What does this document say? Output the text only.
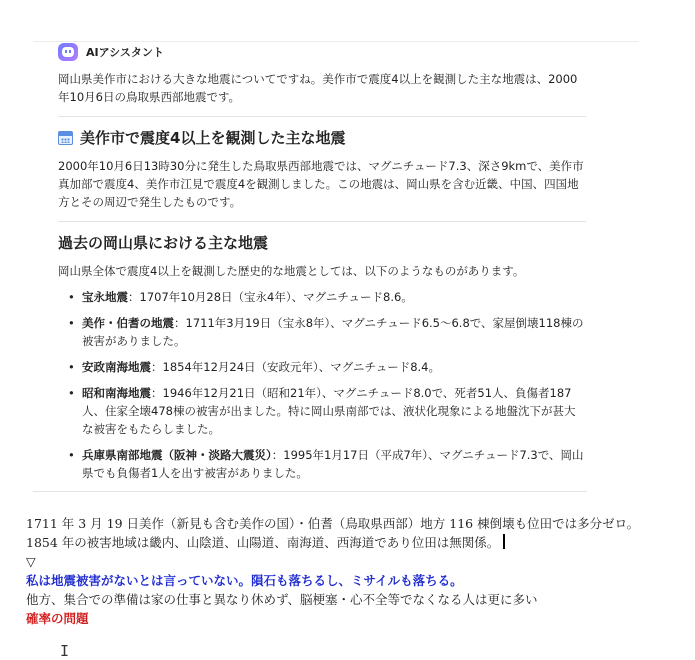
AIアシスタント

岡山県美作市における大きな地震についてですね。美作市で震度4以上を観測した主な地震は、2000年10月6日の鳥取県西部地震です。

美作市で震度4以上を観測した主な地震

2000年10月6日13時30分に発生した鳥取県西部地震では、マグニチュード7.3、深さ9kmで、美作市真加部で震度4、美作市江見で震度4を観測しました。この地震は、岡山県を含む近畿、中国、四国地方とその周辺で発生したものです。

過去の岡山県における主な地震

岡山県全体で震度4以上を観測した歴史的な地震としては、以下のようなものがあります。

• 宝永地震：1707年10月28日（宝永4年）、マグニチュード8.6。
• 美作・伯耆の地震：1711年3月19日（宝永8年）、マグニチュード6.5～6.8で、家屋倒壊118棟の被害がありました。
• 安政南海地震：1854年12月24日（安政元年）、マグニチュード8.4。
• 昭和南海地震：1946年12月21日（昭和21年）、マグニチュード8.0で、死者51人、負傷者187人、住家全壊478棟の被害が出ました。特に岡山県南部では、液状化現象による地盤沈下が甚大な被害をもたらしました。
• 兵庫県南部地震（阪神・淡路大震災）：1995年1月17日（平成7年）、マグニチュード7.3で、岡山県でも負傷者1人を出す被害がありました。

1711 年 3 月 19 日美作（新見も含む美作の国）・伯耆（鳥取県西部）地方 116 棟倒壊も位田では多分ゼロ。1854 年の被害地域は畿内、山陰道、山陽道、南海道、西海道であり位田は無関係。

▽

私は地震被害がないとは言っていない。隕石も落ちるし、ミサイルも落ちる。

他方、集合での準備は家の仕事と異なり休めず、脳梗塞・心不全等でなくなる人は更に多い

確率の問題

I
